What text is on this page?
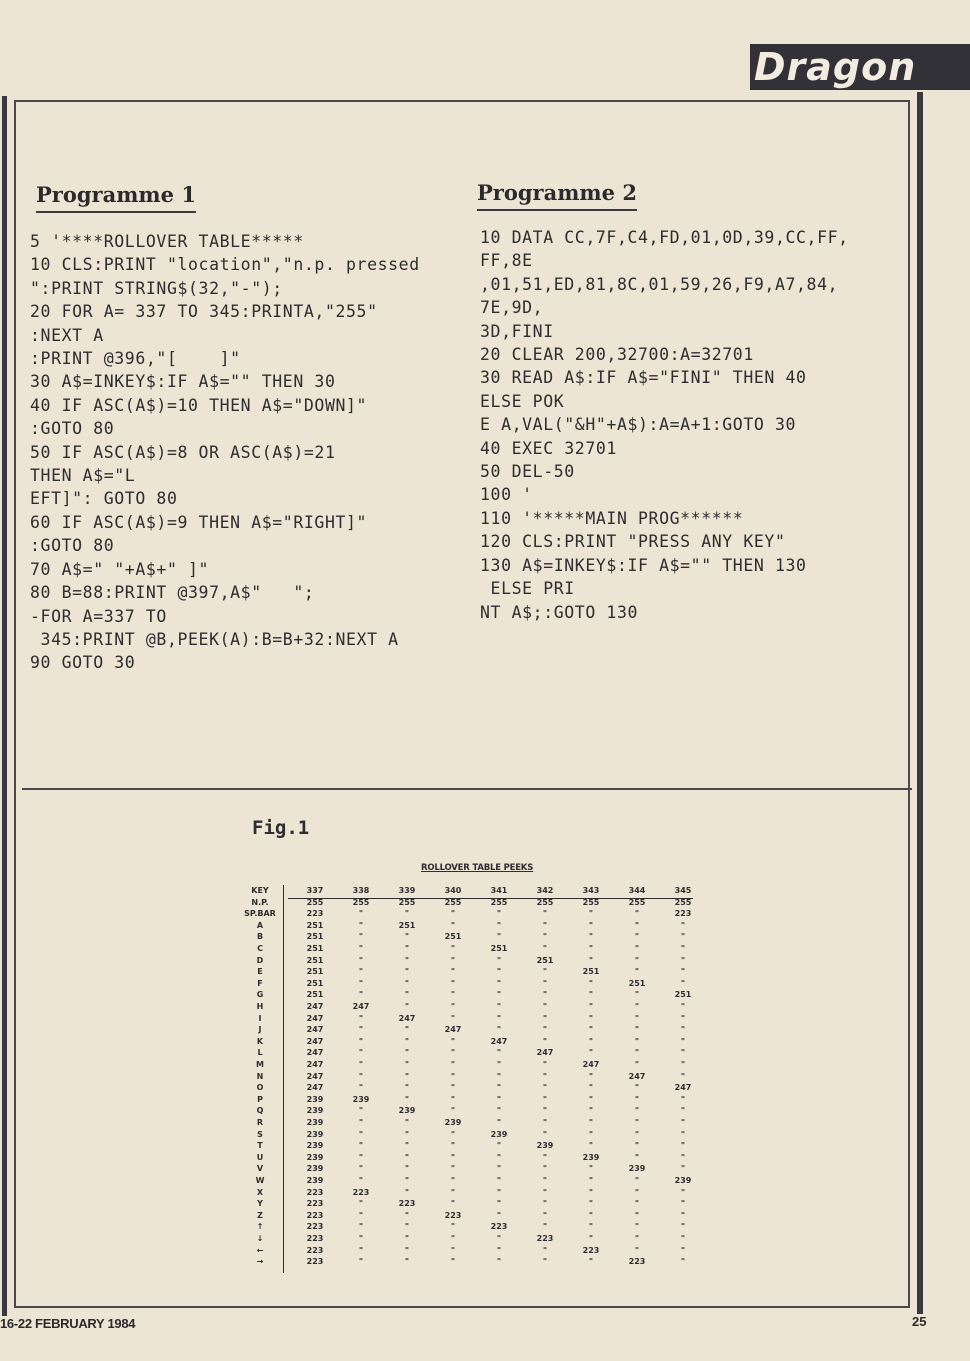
Dragon
Programme 1
5 '****ROLLOVER TABLE*****
10 CLS:PRINT "location","n.p. pressed
":PRINT STRING$(32,"-");
20 FOR A= 337 TO 345:PRINTA,"255"
:NEXT A
:PRINT @396,"[    ]"
30 A$=INKEY$:IF A$="" THEN 30
40 IF ASC(A$)=10 THEN A$="DOWN]"
:GOTO 80
50 IF ASC(A$)=8 OR ASC(A$)=21
THEN A$="L
EFT]": GOTO 80
60 IF ASC(A$)=9 THEN A$="RIGHT]"
:GOTO 80
70 A$=" "+A$+" ]"
80 B=88:PRINT @397,A$"   ";
-FOR A=337 TO
345:PRINT @B,PEEK(A):B=B+32:NEXT A
90 GOTO 30
Programme 2
10 DATA CC,7F,C4,FD,01,0D,39,CC,FF,
FF,8E
,01,51,ED,81,8C,01,59,26,F9,A7,84,
7E,9D,
3D,FINI
20 CLEAR 200,32700:A=32701
30 READ A$:IF A$="FINI" THEN 40
ELSE POK
E A,VAL("&H"+A$):A=A+1:GOTO 30
40 EXEC 32701
50 DEL-50
100 '
110 '*****MAIN PROG******
120 CLS:PRINT "PRESS ANY KEY"
130 A$=INKEY$:IF A$="" THEN 130
ELSE PRI
NT A$;:GOTO 130
Fig.1
ROLLOVER TABLE PEEKS
KEY	337	338	339	340	341	342	343	344	345
N.P.	255	255	255	255	255	255	255	255	255
SP.BAR	223	"	"	"	"	"	"	"	223
A	251	"	251	"	"	"	"	"	"
B	251	"	"	251	"	"	"	"	"
C	251	"	"	"	251	"	"	"	"
D	251	"	"	"	"	251	"	"	"
E	251	"	"	"	"	"	251	"	"
F	251	"	"	"	"	"	"	251	"
G	251	"	"	"	"	"	"	"	251
H	247	247	"	"	"	"	"	"	"
I	247	"	247	"	"	"	"	"	"
J	247	"	"	247	"	"	"	"	"
K	247	"	"	"	247	"	"	"	"
L	247	"	"	"	"	247	"	"	"
M	247	"	"	"	"	"	247	"	"
N	247	"	"	"	"	"	"	247	"
O	247	"	"	"	"	"	"	"	247
P	239	239	"	"	"	"	"	"	"
Q	239	"	239	"	"	"	"	"	"
R	239	"	"	239	"	"	"	"	"
S	239	"	"	"	239	"	"	"	"
T	239	"	"	"	"	239	"	"	"
U	239	"	"	"	"	"	239	"	"
V	239	"	"	"	"	"	"	239	"
W	239	"	"	"	"	"	"	"	239
X	223	223	"	"	"	"	"	"	"
Y	223	"	223	"	"	"	"	"	"
Z	223	"	"	223	"	"	"	"	"
↑	223	"	"	"	223	"	"	"	"
↓	223	"	"	"	"	223	"	"	"
←	223	"	"	"	"	"	223	"	"
→	223	"	"	"	"	"	"	223	"
16-22 FEBRUARY 1984	25
